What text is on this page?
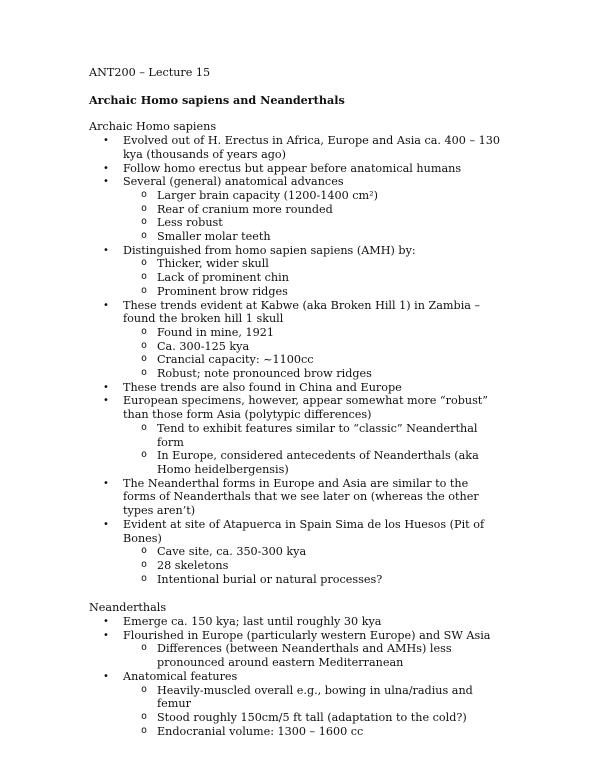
ANT200 – Lecture 15
Archaic Homo sapiens and Neanderthals
Archaic Homo sapiens
• Evolved out of H. Erectus in Africa, Europe and Asia ca. 400 – 130 kya (thousands of years ago)
• Follow homo erectus but appear before anatomical humans
• Several (general) anatomical advances
o Larger brain capacity (1200-1400 cm²)
o Rear of cranium more rounded
o Less robust
o Smaller molar teeth
• Distinguished from homo sapien sapiens (AMH) by:
o Thicker, wider skull
o Lack of prominent chin
o Prominent brow ridges
• These trends evident at Kabwe (aka Broken Hill 1) in Zambia – found the broken hill 1 skull
o Found in mine, 1921
o Ca. 300-125 kya
o Crancial capacity: ~1100cc
o Robust; note pronounced brow ridges
• These trends are also found in China and Europe
• European specimens, however, appear somewhat more “robust” than those form Asia (polytypic differences)
o Tend to exhibit features similar to “classic” Neanderthal form
o In Europe, considered antecedents of Neanderthals (aka Homo heidelbergensis)
• The Neanderthal forms in Europe and Asia are similar to the forms of Neanderthals that we see later on (whereas the other types aren’t)
• Evident at site of Atapuerca in Spain Sima de los Huesos (Pit of Bones)
o Cave site, ca. 350-300 kya
o 28 skeletons
o Intentional burial or natural processes?
Neanderthals
• Emerge ca. 150 kya; last until roughly 30 kya
• Flourished in Europe (particularly western Europe) and SW Asia
o Differences (between Neanderthals and AMHs) less pronounced around eastern Mediterranean
• Anatomical features
o Heavily-muscled overall e.g., bowing in ulna/radius and femur
o Stood roughly 150cm/5 ft tall (adaptation to the cold?)
o Endocranial volume: 1300 – 1600 cc
